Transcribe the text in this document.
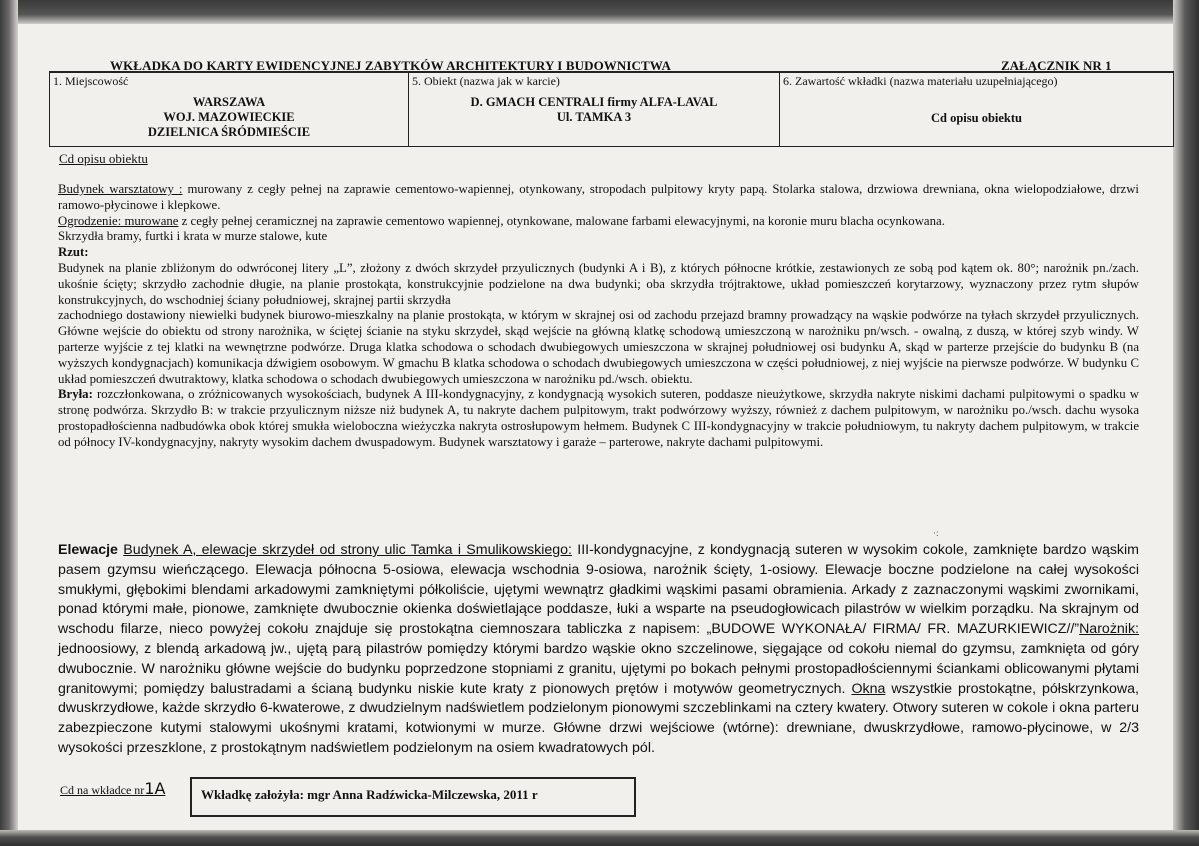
WKŁADKA DO KARTY EWIDENCYJNEJ ZABYTKÓW ARCHITEKTURY I BUDOWNICTWA	ZAŁĄCZNIK NR 1
1. Miejscowość
WARSZAWA
WOJ. MAZOWIECKIE
DZIELNICA ŚRÓDMIEŚCIE
5. Obiekt (nazwa jak w karcie)
D. GMACH CENTRALI firmy ALFA-LAVAL
Ul. TAMKA 3
6. Zawartość wkładki (nazwa materiału uzupełniającego)
Cd opisu obiektu
Cd opisu obiektu

Budynek warsztatowy : murowany z cegły pełnej na zaprawie cementowo-wapiennej, otynkowany, stropodach pulpitowy kryty papą. Stolarka stalowa, drzwiowa drewniana, okna wielopodziałowe, drzwi ramowo-płycinowe i klepkowe.

Ogrodzenie: murowane z cegły pełnej ceramicznej na zaprawie cementowo wapiennej, otynkowane, malowane farbami elewacyjnymi, na koronie muru blacha ocynkowana.

Skrzydła bramy, furtki i krata w murze stalowe, kute

Rzut:

Budynek na planie zbliżonym do odwróconej litery „L”, złożony z dwóch skrzydeł przyulicznych (budynki A i B), z których północne krótkie, zestawionych ze sobą pod kątem ok. 80°; narożnik pn./zach. ukośnie ścięty; skrzydło zachodnie długie, na planie prostokąta, konstrukcyjnie podzielone na dwa budynki; oba skrzydła trójtraktowe, układ pomieszczeń korytarzowy, wyznaczony przez rytm słupów konstrukcyjnych, do wschodniej ściany południowej, skrajnej partii skrzydła

zachodniego dostawiony niewielki budynek biurowo-mieszkalny na planie prostokąta, w którym w skrajnej osi od zachodu przejazd bramny prowadzący na wąskie podwórze na tyłach skrzydeł przyulicznych. Główne wejście do obiektu od strony narożnika, w ściętej ścianie na styku skrzydeł, skąd wejście na główną klatkę schodową umieszczoną w narożniku pn/wsch. - owalną, z duszą, w której szyb windy. W parterze wyjście z tej klatki na wewnętrzne podwórze. Druga klatka schodowa o schodach dwubiegowych umieszczona w skrajnej południowej osi budynku A, skąd w parterze przejście do budynku B (na wyższych kondygnacjach) komunikacja dźwigiem osobowym. W gmachu B klatka schodowa o schodach dwubiegowych umieszczona w części południowej, z niej wyjście na pierwsze podwórze. W budynku C układ pomieszczeń dwutraktowy, klatka schodowa o schodach dwubiegowych umieszczona w narożniku pd./wsch. obiektu.

Bryła: rozczłonkowana, o zróżnicowanych wysokościach, budynek A III-kondygnacyjny, z kondygnacją wysokich suteren, poddasze nieużytkowe, skrzydła nakryte niskimi dachami pulpitowymi o spadku w stronę podwórza. Skrzydło B: w trakcie przyulicznym niższe niż budynek A, tu nakryte dachem pulpitowym, trakt podwórzowy wyższy, również z dachem pulpitowym, w narożniku po./wsch. dachu wysoka prostopadłościenna nadbudówka obok której smukła wieloboczna wieżyczka nakryta ostrosłupowym hełmem. Budynek C III-kondygnacyjny w trakcie południowym, tu nakryty dachem pulpitowym, w trakcie od północy IV-kondygnacyjny, nakryty wysokim dachem dwuspadowym. Budynek warsztatowy i garaże – parterowe, nakryte dachami pulpitowymi.

·:

Elewacje Budynek A, elewacje skrzydeł od strony ulic Tamka i Smulikowskiego: III-kondygnacyjne, z kondygnacją suteren w wysokim cokole, zamknięte bardzo wąskim pasem gzymsu wieńczącego. Elewacja północna 5-osiowa, elewacja wschodnia 9-osiowa, narożnik ścięty, 1-osiowy. Elewacje boczne podzielone na całej wysokości smukłymi, głębokimi blendami arkadowymi zamkniętymi półkoliście, ujętymi wewnątrz gładkimi wąskimi pasami obramienia. Arkady z zaznaczonymi wąskimi zwornikami, ponad którymi małe, pionowe, zamknięte dwubocznie okienka doświetlające poddasze, łuki a wsparte na pseudogłowicach pilastrów w wielkim porządku. Na skrajnym od wschodu filarze, nieco powyżej cokołu znajduje się prostokątna ciemnoszara tabliczka z napisem: „BUDOWE WYKONAŁA/ FIRMA/ FR. MAZURKIEWICZ//”Narożnik: jednoosiowy, z blendą arkadową jw., ujętą parą pilastrów pomiędzy którymi bardzo wąskie okno szczelinowe, sięgające od cokołu niemal do gzymsu, zamknięta od góry dwubocznie. W narożniku główne wejście do budynku poprzedzone stopniami z granitu, ujętymi po bokach pełnymi prostopadłościennymi ściankami oblicowanymi płytami granitowymi; pomiędzy balustradami a ścianą budynku niskie kute kraty z pionowych prętów i motywów geometrycznych. Okna wszystkie prostokątne, półskrzynkowa, dwuskrzydłowe, każde skrzydło 6-kwaterowe, z dwudzielnym nadświetlem podzielonym pionowymi szczeblinkami na cztery kwatery. Otwory suteren w cokole i okna parteru zabezpieczone kutymi stalowymi ukośnymi kratami, kotwionymi w murze. Główne drzwi wejściowe (wtórne): drewniane, dwuskrzydłowe, ramowo-płycinowe, w 2/3 wysokości przeszklone, z prostokątnym nadświetlem podzielonym na osiem kwadratowych pól.

Cd na wkładce nr1A	Wkładkę założyła: mgr Anna Radźwicka-Milczewska, 2011 r
